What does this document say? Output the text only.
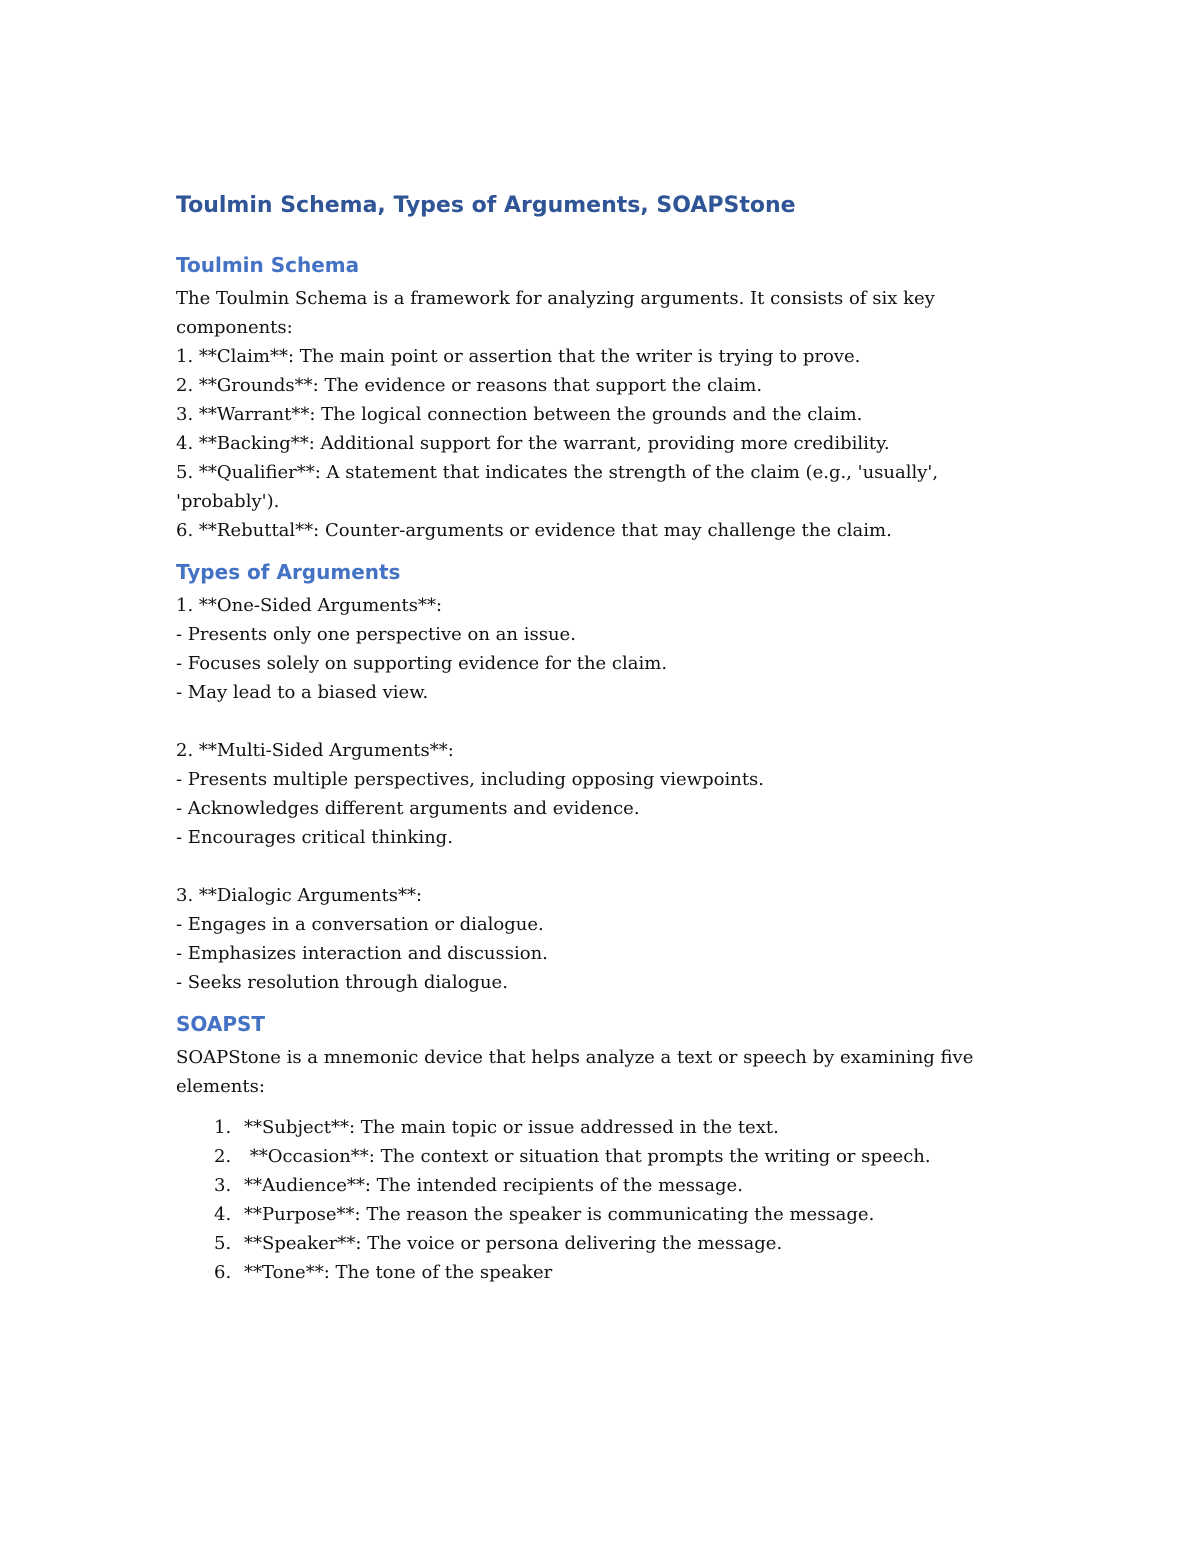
Toulmin Schema, Types of Arguments, SOAPStone
Toulmin Schema

The Toulmin Schema is a framework for analyzing arguments. It consists of six key components:

1. **Claim**: The main point or assertion that the writer is trying to prove.

2. **Grounds**: The evidence or reasons that support the claim.

3. **Warrant**: The logical connection between the grounds and the claim.

4. **Backing**: Additional support for the warrant, providing more credibility.

5. **Qualifier**: A statement that indicates the strength of the claim (e.g., 'usually', 'probably').

6. **Rebuttal**: Counter-arguments or evidence that may challenge the claim.

Types of Arguments

1. **One-Sided Arguments**:

- Presents only one perspective on an issue.

- Focuses solely on supporting evidence for the claim.

- May lead to a biased view.

2. **Multi-Sided Arguments**:

- Presents multiple perspectives, including opposing viewpoints.

- Acknowledges different arguments and evidence.

- Encourages critical thinking.

3. **Dialogic Arguments**:

- Engages in a conversation or dialogue.

- Emphasizes interaction and discussion.

- Seeks resolution through dialogue.

SOAPST

SOAPStone is a mnemonic device that helps analyze a text or speech by examining five elements:

1. **Subject**: The main topic or issue addressed in the text.
2. **Occasion**: The context or situation that prompts the writing or speech.
3. **Audience**: The intended recipients of the message.
4. **Purpose**: The reason the speaker is communicating the message.
5. **Speaker**: The voice or persona delivering the message.
6. **Tone**: The tone of the speaker
